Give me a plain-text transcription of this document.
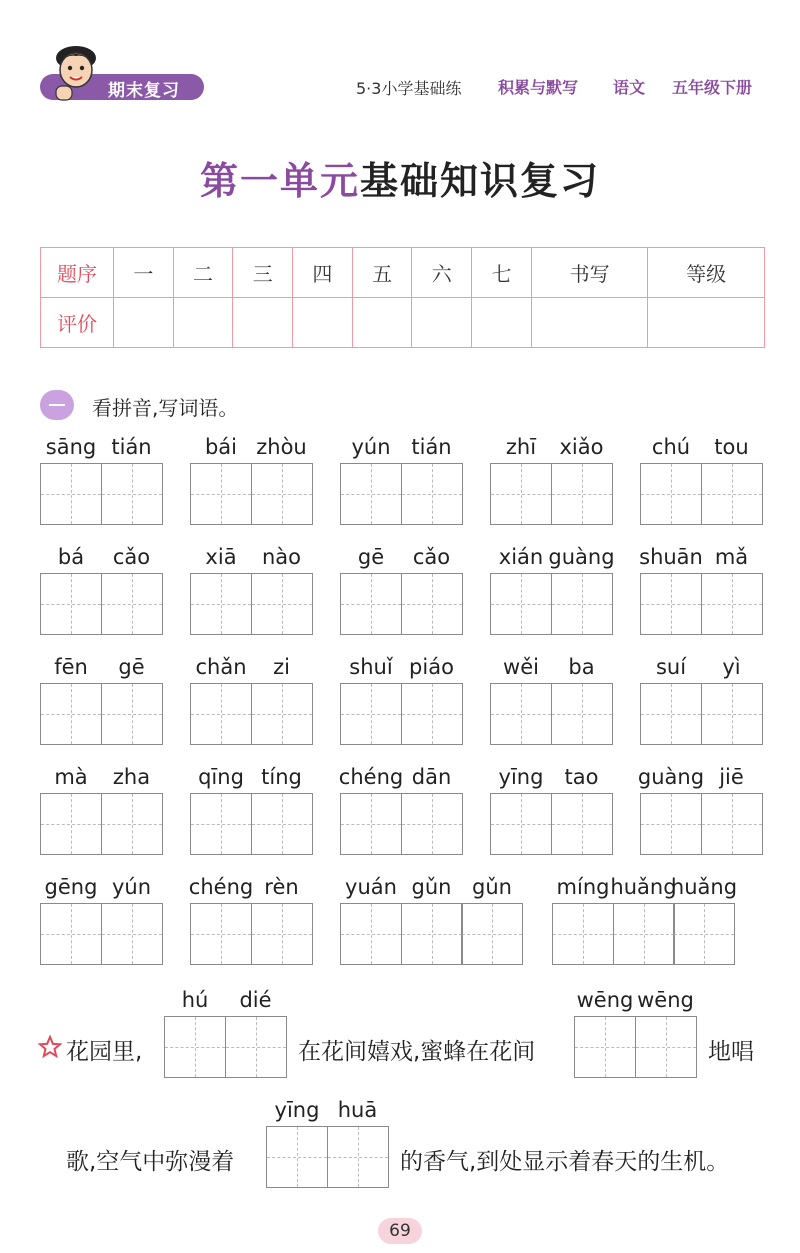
期末复习	5·3小学基础练 积累与默写 语文 五年级下册
第一单元基础知识复习
题序	一	二	三	四	五	六	七	书写	等级
评价									
看拼音,写词语。
sāng tián	bái zhòu yún tián	zhī xiǎo chú tou
bá cǎo	xiā nào	gē cǎo xián guàng shuān mǎ
fēn gē chǎn zi	shuǐ piáo wěi ba	suí yì
mà zha qīng tíng chéng dān yīng tao guàng jiē
gēng yún chéng rèn yuán gǔn gǔn míng huǎng
huǎng
花园里,	在花间嬉戏,蜜蜂在花间	地唱
歌,空气中弥漫着	的香气,到处显示着春天的生机。
hú dié	wēng wēng
yīng huā
69
